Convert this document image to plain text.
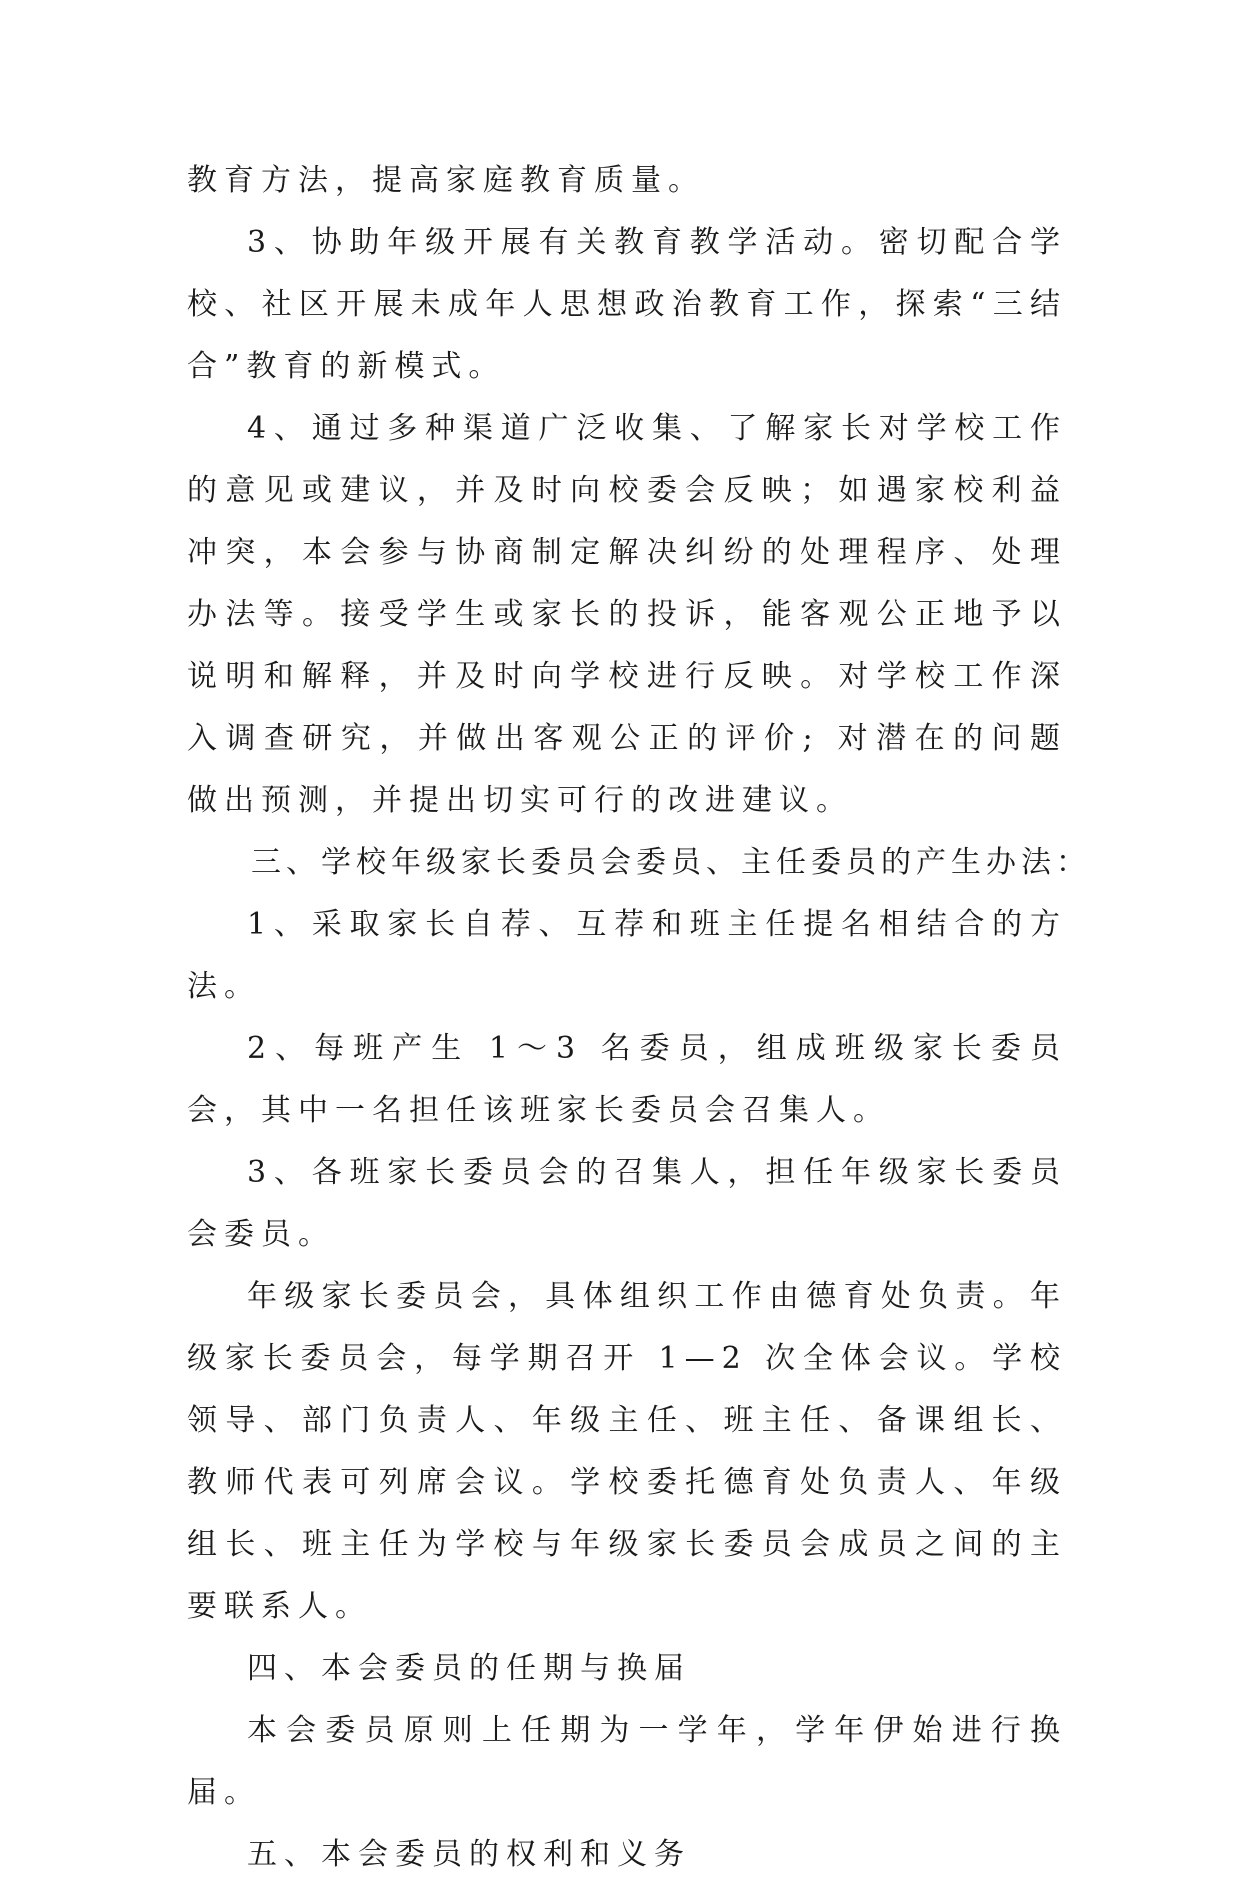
教育方法，提高家庭教育质量。

3、协助年级开展有关教育教学活动。密切配合学校、社区开展未成年人思想政治教育工作，探索“三结合”教育的新模式。

4、通过多种渠道广泛收集、了解家长对学校工作的意见或建议，并及时向校委会反映；如遇家校利益冲突，本会参与协商制定解决纠纷的处理程序、处理办法等。接受学生或家长的投诉，能客观公正地予以说明和解释，并及时向学校进行反映。对学校工作深入调查研究，并做出客观公正的评价; 对潜在的问题做出预测，并提出切实可行的改进建议。

三、学校年级家长委员会委员、主任委员的产生办法：

1、采取家长自荐、互荐和班主任提名相结合的方法。

2、每班产生 1～3 名委员，组成班级家长委员会，其中一名担任该班家长委员会召集人。

3、各班家长委员会的召集人，担任年级家长委员会委员。

年级家长委员会，具体组织工作由德育处负责。年级家长委员会，每学期召开 1—2 次全体会议。学校领导、部门负责人、年级主任、班主任、备课组长、教师代表可列席会议。学校委托德育处负责人、年级组长、班主任为学校与年级家长委员会成员之间的主要联系人。

四、本会委员的任期与换届

本会委员原则上任期为一学年，学年伊始进行换届。

五、本会委员的权利和义务
